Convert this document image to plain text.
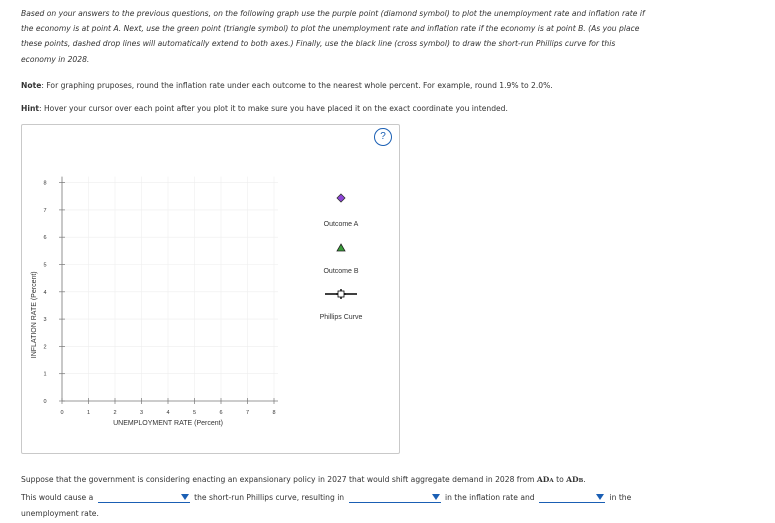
Based on your answers to the previous questions, on the following graph use the purple point (diamond symbol) to plot the unemployment rate and inflation rate if the economy is at point A. Next, use the green point (triangle symbol) to plot the unemployment rate and inflation rate if the economy is at point B. (As you place these points, dashed drop lines will automatically extend to both axes.) Finally, use the black line (cross symbol) to draw the short-run Phillips curve for this economy in 2028.
Note: For graphing pruposes, round the inflation rate under each outcome to the nearest whole percent. For example, round 1.9% to 2.0%.
Hint: Hover your cursor over each point after you plot it to make sure you have placed it on the exact coordinate you intended.
?
0	1	2	3	4	5	6	7	8
0
1
2
3
4
5
6
7
8
UNEMPLOYMENT RATE (Percent)
INFLATION RATE (Percent)
Outcome A
Outcome B
Phillips Curve
Suppose that the government is considering enacting an expansionary policy in 2027 that would shift aggregate demand in 2028 from ADA to ADB.
This would cause a	the short-run Phillips curve, resulting in	in the inflation rate and	in the
unemployment rate.
